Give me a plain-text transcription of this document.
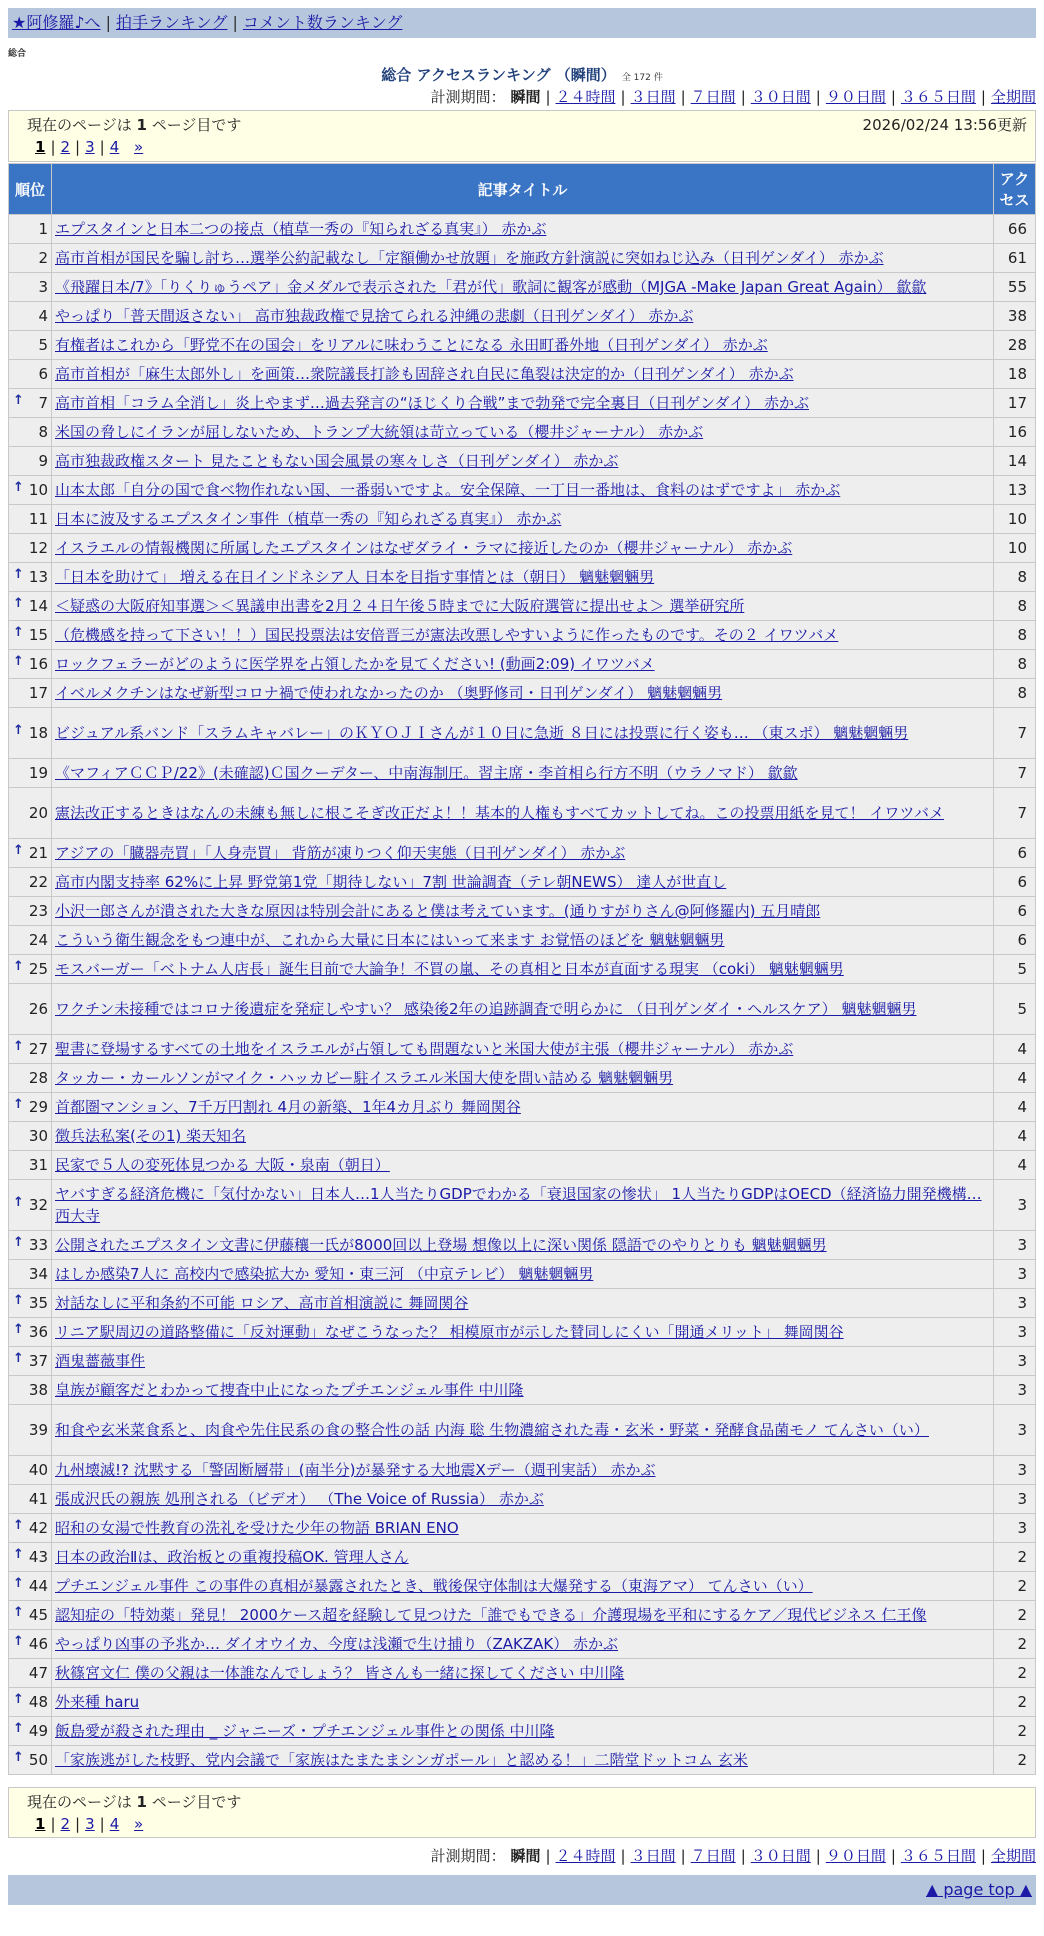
★阿修羅♪へ | 拍手ランキング | コメント数ランキング
総合
総合 アクセスランキング （瞬間） 全 172 件
計測期間： 瞬間 | ２４時間 | ３日間 | ７日間 | ３０日間 | ９０日間 | ３６５日間 | 全期間
現在のページは 1 ページ目です	2026/02/24 13:56更新
1 | 2 | 3 | 4 »
順位	記事タイトル	アクセス
1	エプスタインと日本二つの接点（植草一秀の『知られざる真実』） 赤かぶ	66
2	高市首相が国民を騙し討ち…選挙公約記載なし「定額働かせ放題」を施政方針演説に突如ねじ込み（日刊ゲンダイ） 赤かぶ	61
3	《飛躍日本/7》「りくりゅうペア」金メダルで表示された「君が代」歌詞に観客が感動（MJGA -Make Japan Great Again） 歙歙	55
4	やっぱり「普天間返さない」 高市独裁政権で見捨てられる沖縄の悲劇（日刊ゲンダイ） 赤かぶ	38
5	有権者はこれから「野党不在の国会」をリアルに味わうことになる 永田町番外地（日刊ゲンダイ） 赤かぶ	28
6	高市首相が「麻生太郎外し」を画策…衆院議長打診も固辞され自民に亀裂は決定的か（日刊ゲンダイ） 赤かぶ	18

↑ 7	高市首相「コラム全消し」炎上やまず…過去発言の“ほじくり合戦”まで勃発で完全裏目（日刊ゲンダイ） 赤かぶ	17
8	米国の脅しにイランが屈しないため、トランプ大統領は苛立っている（櫻井ジャーナル） 赤かぶ	16
9	高市独裁政権スタート 見たこともない国会風景の寒々しさ（日刊ゲンダイ） 赤かぶ	14

↑ 10	山本太郎「自分の国で食べ物作れない国、一番弱いですよ。安全保障、一丁目一番地は、食料のはずですよ」 赤かぶ	13
11	日本に波及するエプスタイン事件（植草一秀の『知られざる真実』） 赤かぶ	10
12	イスラエルの情報機関に所属したエプスタインはなぜダライ・ラマに接近したのか（櫻井ジャーナル） 赤かぶ	10

↑ 13	「日本を助けて」 増える在日インドネシア人 日本を目指す事情とは（朝日） 魑魅魍魎男	8

↑ 14	＜疑惑の大阪府知事選＞＜異議申出書を2月２４日午後５時までに大阪府選管に提出せよ＞ 選挙研究所	8

↑ 15	（危機感を持って下さい！！）国民投票法は安倍晋三が憲法改悪しやすいように作ったものです。その２ イワツバメ	8

↑ 16	ロックフェラーがどのように医学界を占領したかを見てください! (動画2:09) イワツバメ	8
17	イベルメクチンはなぜ新型コロナ禍で使われなかったのか （奥野修司・日刊ゲンダイ） 魑魅魍魎男	8

↑ 18	ビジュアル系バンド「スラムキャバレー」のＫＹＯＪＩさんが１０日に急逝 ８日には投票に行く姿も… （東スポ） 魑魅魍魎男	7
19	《マフィアＣＣＰ/22》(未確認)Ｃ国クーデター、中南海制圧。習主席・李首相ら行方不明（ウラノマド） 歙歙	7
20	憲法改正するときはなんの未練も無しに根こそぎ改正だよ！！基本的人権もすべてカットしてね。この投票用紙を見て！ イワツバメ	7

↑ 21	アジアの「臓器売買」「人身売買」 背筋が凍りつく仰天実態（日刊ゲンダイ） 赤かぶ	6
22	高市内閣支持率 62%に上昇 野党第1党「期待しない」7割 世論調査（テレ朝NEWS） 達人が世直し	6
23	小沢一郎さんが潰された大きな原因は特別会計にあると僕は考えています。(通りすがりさん@阿修羅内) 五月晴郎	6
24	こういう衛生観念をもつ連中が、これから大量に日本にはいって来ます お覚悟のほどを 魑魅魍魎男	6

↑ 25	モスバーガー「ベトナム人店長」誕生目前で大論争！不買の嵐、その真相と日本が直面する現実 （coki） 魑魅魍魎男	5
26	ワクチン未接種ではコロナ後遺症を発症しやすい？ 感染後2年の追跡調査で明らかに （日刊ゲンダイ・ヘルスケア） 魑魅魍魎男	5

↑ 27	聖書に登場するすべての土地をイスラエルが占領しても問題ないと米国大使が主張（櫻井ジャーナル） 赤かぶ	4
28	タッカー・カールソンがマイク・ハッカビー駐イスラエル米国大使を問い詰める 魑魅魍魎男	4

↑ 29	首都圏マンション、7千万円割れ 4月の新築、1年4カ月ぶり 舞岡関谷	4
30	徴兵法私案(その1) 楽天知名	4
31	民家で５人の変死体見つかる 大阪・泉南（朝日）	4

↑ 32	ヤバすぎる経済危機に「気付かない」日本人…1人当たりGDPでわかる「衰退国家の惨状」 1人当たりGDPはOECD（経済協力開発機構… 西大寺	3

↑ 33	公開されたエプスタイン文書に伊藤穰一氏が8000回以上登場 想像以上に深い関係 隠語でのやりとりも 魑魅魍魎男	3
34	はしか感染7人に 高校内で感染拡大か 愛知・東三河 （中京テレビ） 魑魅魍魎男	3

↑ 35	対話なしに平和条約不可能 ロシア、高市首相演説に 舞岡関谷	3

↑ 36	リニア駅周辺の道路整備に「反対運動」なぜこうなった？ 相模原市が示した賛同しにくい「開通メリット」 舞岡関谷	3

↑ 37	酒鬼薔薇事件	3
38	皇族が顧客だとわかって捜査中止になったプチエンジェル事件 中川隆	3
39	和食や玄米菜食系と、肉食や先住民系の食の整合性の話 内海 聡 生物濃縮された毒・玄米・野菜・発酵食品菌モノ てんさい（い）	3
40	九州壊滅!? 沈黙する「警固断層帯」(南半分)が暴発する大地震Xデー（週刊実話） 赤かぶ	3
41	張成沢氏の親族 処刑される（ビデオ） （The Voice of Russia） 赤かぶ	3

↑ 42	昭和の女湯で性教育の洗礼を受けた少年の物語 BRIAN ENO	3

↑ 43	日本の政治Ⅱは、政治板との重複投稿OK. 管理人さん	2

↑ 44	プチエンジェル事件 この事件の真相が暴露されたとき、戦後保守体制は大爆発する（東海アマ） てんさい（い）	2

↑ 45	認知症の「特効薬」発見！ 2000ケース超を経験して見つけた「誰でもできる」介護現場を平和にするケア／現代ビジネス 仁王像	2

↑ 46	やっぱり凶事の予兆か… ダイオウイカ、今度は浅瀬で生け捕り（ZAKZAK） 赤かぶ	2
47	秋篠宮文仁 僕の父親は一体誰なんでしょう？ 皆さんも一緒に探してください 中川隆	2

↑ 48	外来種 haru	2

↑ 49	飯島愛が殺された理由 _ ジャニーズ・プチエンジェル事件との関係 中川隆	2

↑ 50	「家族逃がした枝野、党内会議で「家族はたまたまシンガポール」と認める！」二階堂ドットコム 玄米	2
現在のページは 1 ページ目です
1 | 2 | 3 | 4 »
計測期間： 瞬間 | ２４時間 | ３日間 | ７日間 | ３０日間 | ９０日間 | ３６５日間 | 全期間
▲ page top ▲
